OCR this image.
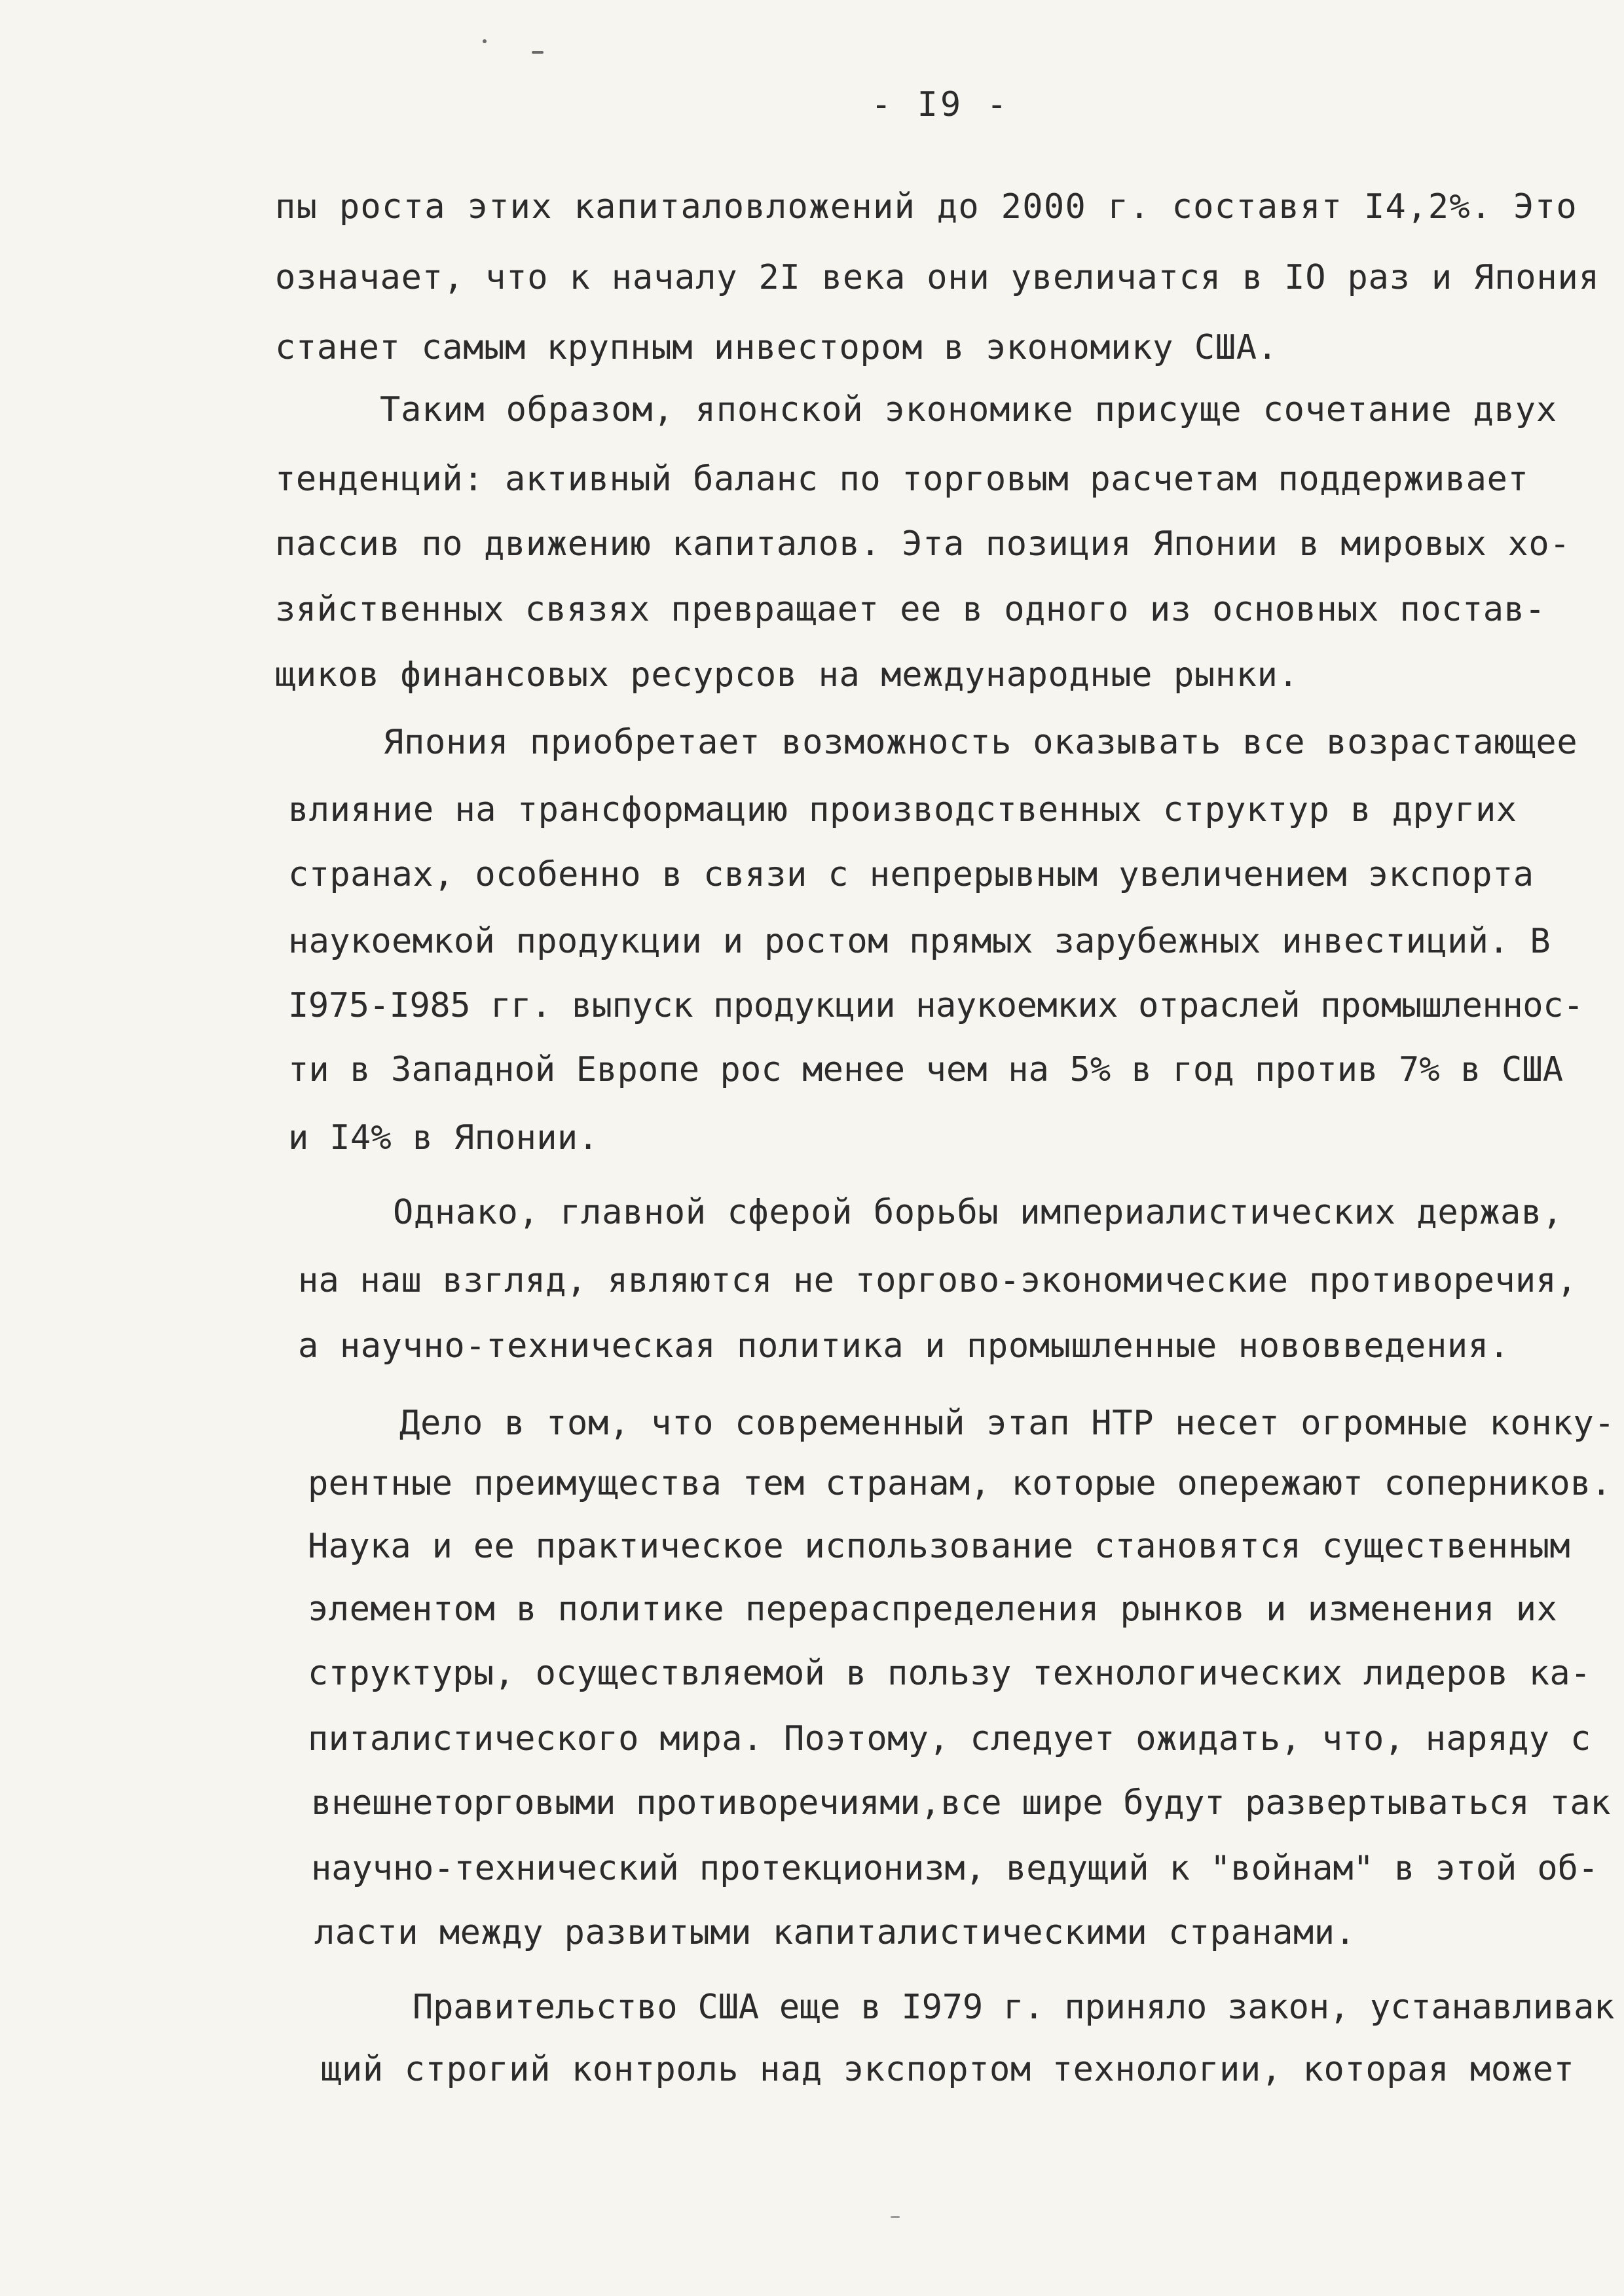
- I9 -
пы роста этих капиталовложений до 2000 г. составят I4,2%. Это
означает, что к началу 2I века они увеличатся в IO раз и Япония
станет самым крупным инвестором в экономику США.
Таким образом, японской экономике присуще сочетание двух
тенденций: активный баланс по торговым расчетам поддерживает
пассив по движению капиталов. Эта позиция Японии в мировых хо-
зяйственных связях превращает ее в одного из основных постав-
щиков финансовых ресурсов на международные рынки.
Япония приобретает возможность оказывать все возрастающее
влияние на трансформацию производственных структур в других
странах, особенно в связи с непрерывным увеличением экспорта
наукоемкой продукции и ростом прямых зарубежных инвестиций. В
I975-I985 гг. выпуск продукции наукоемких отраслей промышленнос-
ти в Западной Европе рос менее чем на 5% в год против 7% в США
и I4% в Японии.
Однако, главной сферой борьбы империалистических держав,
на наш взгляд, являются не торгово-экономические противоречия,
а научно-техническая политика и промышленные нововведения.
Дело в том, что современный этап НТР несет огромные конку-
рентные преимущества тем странам, которые опережают соперников.
Наука и ее практическое использование становятся существенным
элементом в политике перераспределения рынков и изменения их
структуры, осуществляемой в пользу технологических лидеров ка-
питалистического мира. Поэтому, следует ожидать, что, наряду с
внешнеторговыми противоречиями,все шире будут развертываться так
научно-технический протекционизм, ведущий к "войнам" в этой об-
ласти между развитыми капиталистическими странами.
Правительство США еще в I979 г. приняло закон, устанавливак
щий строгий контроль над экспортом технологии, которая может
